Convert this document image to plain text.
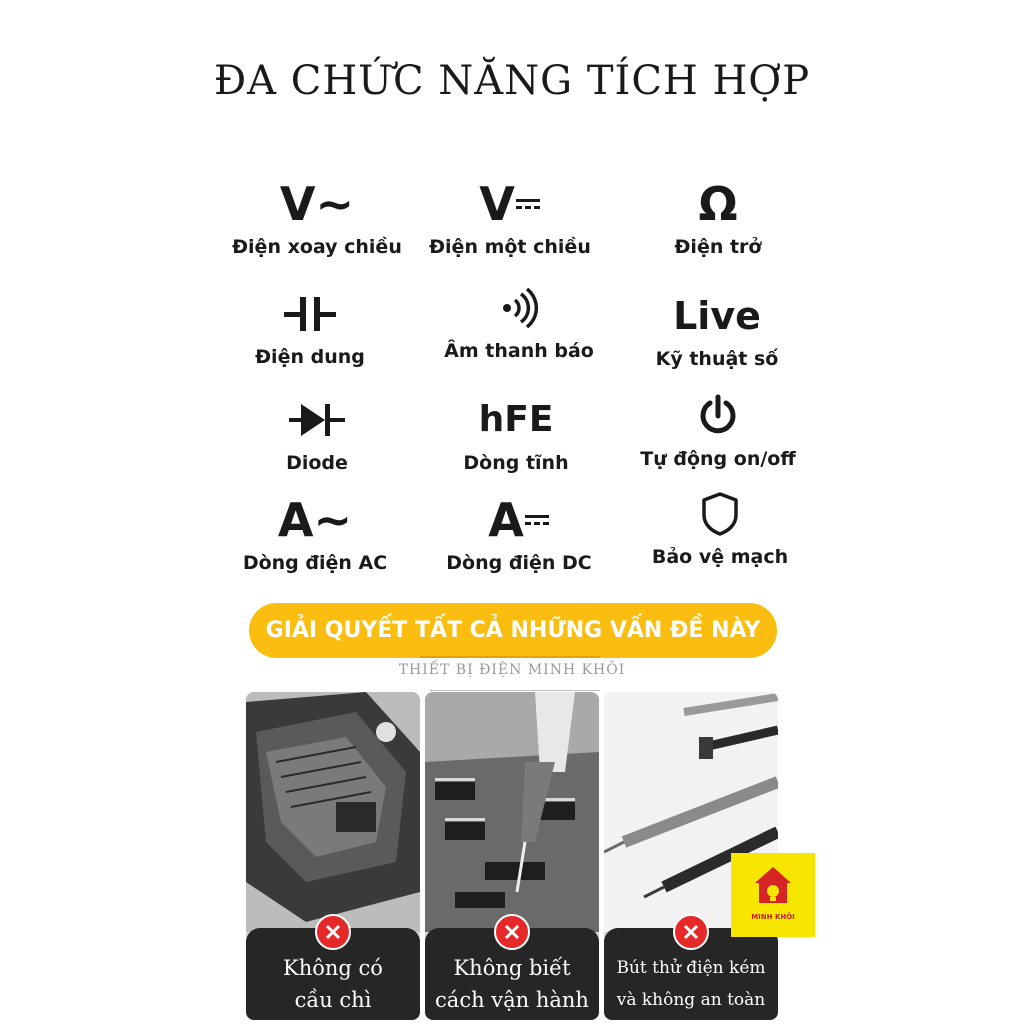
ĐA CHỨC NĂNG TÍCH HỢP
V~
Điện xoay chiều
V
Điện một chiều
Ω
Điện trở
Điện dung	Âm thanh báo
Live
Kỹ thuật số
Diode
hFE
Dòng tĩnh	Tự động on/off
A~
Dòng điện AC
A
Dòng điện DC	Bảo vệ mạch
GIẢI QUYẾT TẤT CẢ NHỮNG VẤN ĐỀ NÀY
THIẾT BỊ ĐIỆN MINH KHÔI
Không có
cầu chì
Không biết
cách vận hành
Bút thử điện kém
và không an toàn
MINH KHÔI
